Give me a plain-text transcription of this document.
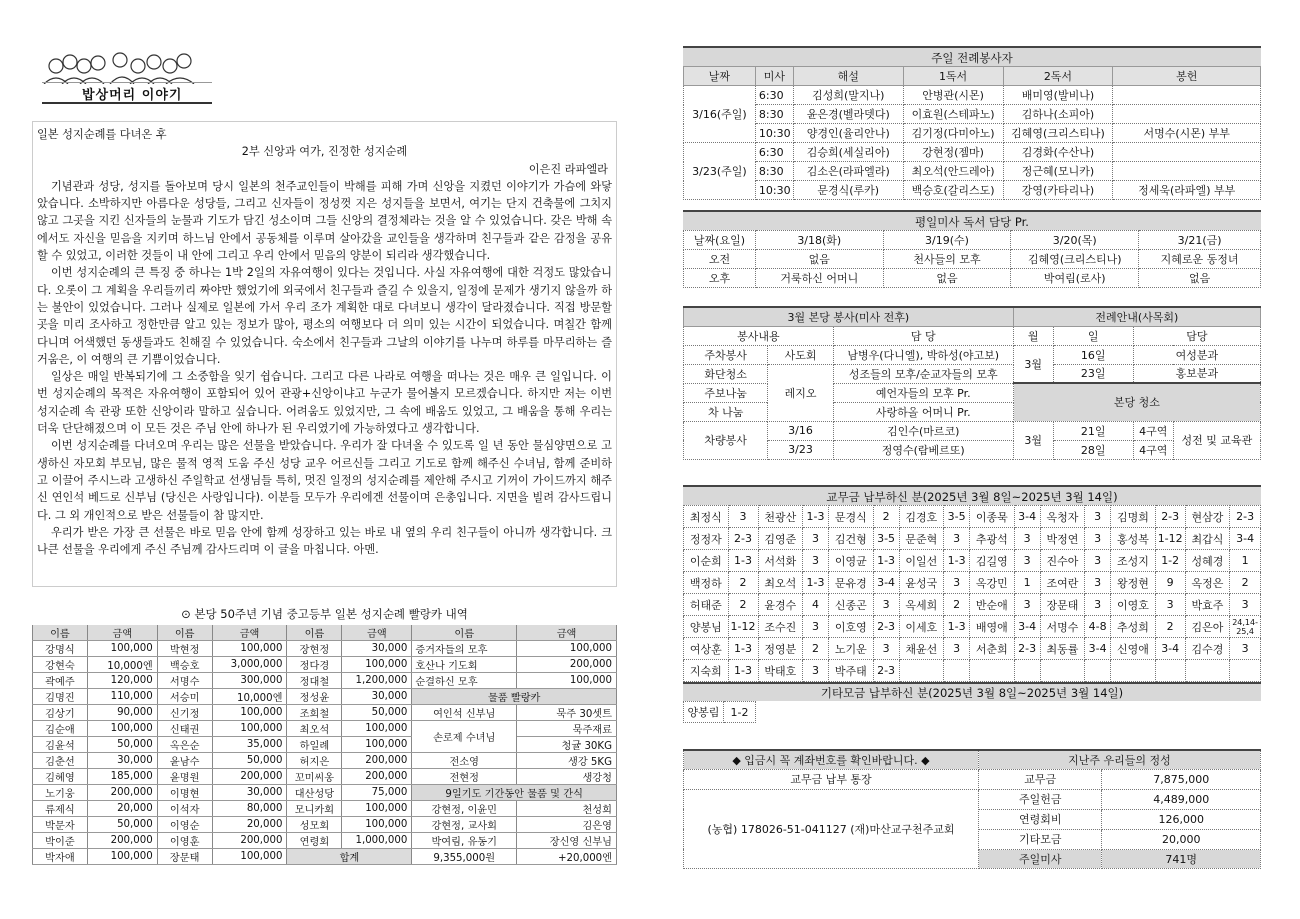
밥상머리 이야기

일본 성지순례를 다녀온 후

2부 신앙과 여가, 진정한 성지순례

이은진 라파엘라

기념관과 성당, 성지를 돌아보며 당시 일본의 천주교인들이 박해를 피해 가며 신앙을 지켰던 이야기가 가슴에 와닿았습니다. 소박하지만 아름다운 성당들, 그리고 신자들이 정성껏 지은 성지들을 보면서, 여기는 단지 건축물에 그치지 않고 그곳을 지킨 신자들의 눈물과 기도가 담긴 성소이며 그들 신앙의 결정체라는 것을 알 수 있었습니다. 갖은 박해 속에서도 자신을 믿음을 지키며 하느님 안에서 공동체를 이루며 살아갔을 교인들을 생각하며 친구들과 같은 감정을 공유할 수 있었고, 이러한 것들이 내 안에 그리고 우리 안에서 믿음의 양분이 되리라 생각했습니다.

이번 성지순례의 큰 특징 중 하나는 1박 2일의 자유여행이 있다는 것입니다. 사실 자유여행에 대한 걱정도 많았습니다. 오롯이 그 계획을 우리들끼리 짜야만 했었기에 외국에서 친구들과 즐길 수 있을지, 일정에 문제가 생기지 않을까 하는 불안이 있었습니다. 그러나 실제로 일본에 가서 우리 조가 계획한 대로 다녀보니 생각이 달라졌습니다. 직접 방문할 곳을 미리 조사하고 정한만큼 알고 있는 정보가 많아, 평소의 여행보다 더 의미 있는 시간이 되었습니다. 며칠간 함께 다니며 어색했던 동생들과도 친해질 수 있었습니다. 숙소에서 친구들과 그날의 이야기를 나누며 하루를 마무리하는 즐거움은, 이 여행의 큰 기쁨이었습니다.

일상은 매일 반복되기에 그 소중함을 잊기 쉽습니다. 그리고 다른 나라로 여행을 떠나는 것은 매우 큰 일입니다. 이번 성지순례의 목적은 자유여행이 포함되어 있어 관광+신앙이냐고 누군가 물어볼지 모르겠습니다. 하지만 저는 이번 성지순례 속 관광 또한 신앙이라 말하고 싶습니다. 어려움도 있었지만, 그 속에 배움도 있었고, 그 배움을 통해 우리는 더욱 단단해졌으며 이 모든 것은 주님 안에 하나가 된 우리였기에 가능하였다고 생각합니다.

이번 성지순례를 다녀오며 우리는 많은 선물을 받았습니다. 우리가 잘 다녀올 수 있도록 일 년 동안 물심양면으로 고생하신 자모회 부모님, 많은 물적 영적 도움 주신 성당 교우 어르신들 그리고 기도로 함께 해주신 수녀님, 함께 준비하고 이끌어 주시느라 고생하신 주일학교 선생님들 특히, 멋진 일정의 성지순례를 제안해 주시고 기꺼이 가이드까지 해주신 연인석 베드로 신부님 (당신은 사랑입니다). 이분들 모두가 우리에겐 선물이며 은총입니다. 지면을 빌려 감사드립니다. 그 외 개인적으로 받은 선물들이 참 많지만.

우리가 받은 가장 큰 선물은 바로 믿음 안에 함께 성장하고 있는 바로 내 옆의 우리 친구들이 아니까 생각합니다. 크나큰 선물을 우리에게 주신 주님께 감사드리며 이 글을 마칩니다. 아멘.

⊙ 본당 50주년 기념 중고등부 일본 성지순례 빨랑카 내역
이름	금액	이름	금액	이름	금액	이름	금액
강명식	100,000	박현정	100,000	장현정	30,000	증거자들의 모후	100,000
강현숙	10,000엔	백승호	3,000,000	정다경	100,000	호산나 기도회	200,000
곽예주	120,000	서명수	300,000	정대철	1,200,000	순결하신 모후	100,000
김명진	110,000	서승미	10,000엔	정성윤	30,000	물품 빨랑카	
김상기	90,000	신기정	100,000	조희철	50,000	여인석 신부님	묵주 30셋트
김순애	100,000	신태권	100,000	최오석	100,000	손로제 수녀님	묵주재료
김윤석	50,000	옥은순	35,000	하일례	100,000		청귤 30KG
김춘선	30,000	윤남수	50,000	허지은	200,000	전소영	생강 5KG
김혜영	185,000	윤명원	200,000	꼬미씨옹	200,000	전현정	생강청
노기웅	200,000	이명현	30,000	대산성당	75,000	9일기도 기간동안 물품 및 간식	
류제식	20,000	이석자	80,000	모니카회	100,000	강현정, 이윤민	천성희
박문자	50,000	이영순	20,000	성모회	100,000	강현정, 교사회	김은영
박이준	200,000	이영훈	200,000	연령회	1,000,000	박여림, 유동기	장신영 신부님
박자애	100,000	장문태	100,000	합계		9,355,000원	+20,000엔
주일 전례봉사자
날짜	미사	해설	1독서	2독서	봉헌
3/16(주일)	6:30	김성희(말지나)	안병관(시몬)	배미영(발비나)	
	8:30	윤은경(벨라뎃다)	이효원(스테파노)	김하나(소피아)	
	10:30	양경인(율리안나)	김기정(다미아노)	김혜영(크리스티나)	서명수(시몬) 부부
3/23(주일)	6:30	김승희(세실리아)	강현정(젬마)	김경화(수산나)	
	8:30	김소은(라파엘라)	최오석(안드레아)	정근혜(모니카)	
	10:30	문경식(루카)	백승호(갈리스도)	강영(카타리나)	정세욱(라파엘) 부부
평일미사 독서 담당 Pr.
날짜(요일)	3/18(화)	3/19(수)	3/20(목)	3/21(금)
오전	없음	천사들의 모후	김혜영(크리스티나)	지혜로운 동정녀
오후	거룩하신 어머니	없음	박여림(로사)	없음
3월 본당 봉사(미사 전후)			전례안내(사목회)			
봉사내용		담 당	월	일	담당	
주차봉사	사도회	남병우(다니엘), 박하성(야고보)	3월	16일	여성분과	
화단청소	레지오	성조들의 모후/순교자들의 모후		23일	홍보분과	
주보나눔		예언자들의 모후 Pr.	본당 청소			
차 나눔		사랑하올 어머니 Pr.				
차량봉사	3/16	김인수(마르코)	3월	21일	4구역	성전 및 교육관
	3/23	정영수(람베르또)		28일	4구역	
교무금 납부하신 분(2025년 3월 8일~2025년 3월 14일)
최정식	3	천광산	1-3	문경식	2	김경호	3-5	이종묵	3-4	옥청자	3	김명희	2-3	현삼강	2-3
정정자	2-3	김영준	3	김건형	3-5	문준혁	3	추광석	3	박정연	3	홍성복	1-12	최갑식	3-4
이순희	1-3	서석화	3	이영균	1-3	이일선	1-3	김길영	3	진수아	3	조성지	1-2	성혜경	1
백정하	2	최오석	1-3	문유경	3-4	윤성국	3	옥강민	1	조여란	3	왕정현	9	옥정은	2
허태준	2	윤경수	4	신종곤	3	옥세희	2	반순애	3	장문태	3	이영호	3	박효주	3
양봉님	1-12	조수진	3	이호영	2-3	이세호	1-3	배영애	3-4	서명수	4-8	추성희	2	김은아	24,14-25,4
여상훈	1-3	정영분	2	노기운	3	채윤선	3	서춘희	2-3	최동률	3-4	신영애	3-4	김수경	3
지숙희	1-3	박태호	3	박주태	2-3										
기타모금 납부하신 분(2025년 3월 8일~2025년 3월 14일)
양봉림	1-2	
◆ 입금시 꼭 계좌번호를 확인바랍니다. ◆	지난주 우리들의 정성	
교무금 납부 통장	교무금	7,875,000
(농협) 178026-51-041127 (재)마산교구천주교회	주일헌금	4,489,000
	연령회비	126,000
	기타모금	20,000
	주일미사	741명
